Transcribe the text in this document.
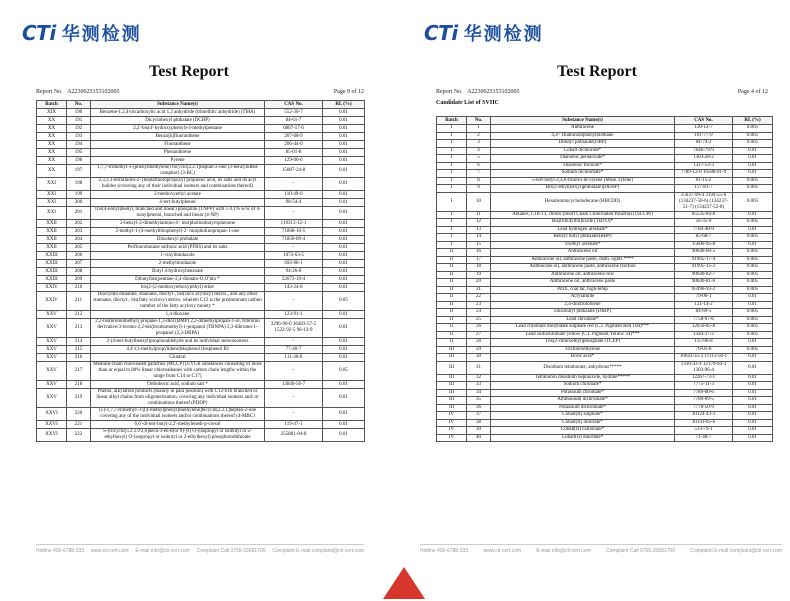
CTi 华测检测
Test Report
Report No. A2230625353102005	Page 9 of 12
Batch	No.	Substance Name(s)	CAS No.	RL (%)
XIX	190	Benzene-1,2,4-tricarboxylic acid 1,2 anhydride (trimellitic anhydride) (TMA)	552-30-7	0.01
XX	191	Dicyclohexyl phthalate (DCHP)	84-61-7	0.01
XX	192	2,2'-bis(4'-hydroxyphenyl)-4-methylpentane	6807-17-6	0.01
XX	193	Benzo[k]fluoranthene	207-08-9	0.01
XX	194	Fluoranthene	206-44-0	0.01
XX	195	Phenanthrene	85-01-8	0.01
XX	196	Pyrene	129-00-0	0.01
XX	197	1,7,7-trimethyl-3-(phenylmethylene) bicyclo[2.2.1]heptan-2-one (3-benzylidene camphor) (3-BC)	15087-24-8	0.01
XXI	198	2,3,3,3-tetrafluoro-2- (heptafluoropropoxy) propionic acid, its salts and its acyl halides (covering any of their individual isomers and combinations thereof)	-	0.01
XXI	199	2-methoxyethyl acetate	110-49-6	0.01
XXI	200	4-tert-butylphenol	98-54-4	0.01
XXI	201	Tris(4-nonylphenyl, branched and linear) phosphite (TNPP) with ≥ 0.1% w/w of 4-nonylphenol, branched and linear (4-NP)	-	0.01
XXII	202	2-benzyl-2-dimethylamino-4'- morpholinobutyrophenone	119313-12-1	0.01
XXII	203	2-methyl-1-(4-methylthiophenyl)-2- morpholinopropan-1-one	71868-10-5	0.01
XXII	204	Diisohexyl phthalate	71850-09-4	0.01
XXII	205	Perfluorobutane sulfonic acid (PFBS) and its salts	-	0.01
XXIII	206	1-vinylimidazole	1072-63-5	0.01
XXIII	207	2-methylimidazole	693-98-1	0.01
XXIII	208	Butyl 4-hydroxybenzoate	94-26-8	0.01
XXIII	209	Dibutylbis(pentane-2,4-dionato-O,O')tin *	22673-19-4	0.01
XXIV	210	bis(2-(2-methoxyethoxy)ethyl) ether	143-24-8	0.01
XXIV	211	Dioctyltin dilaurate, stannane, dioctyl-, bis(coco acyloxy) derivs., and any other stannane, dioctyl-, bis(fatty acyloxy) derivs. wherein C12 is the predominant carbon number of the fatty acyloxy moiety *	-	0.05
XXV	212	1,4-dioxane	123-91-1	0.01
XXV	213	2,2-bis(bromomethyl) propane-1,3-diol (BMP) 2,2-dimethylpropan-1-ol, tribromo derivative/3-bromo-2,2-bis(bromomethyl)-1-propanol (TBNPA) 2,3-dibromo-1-propanol (2,3-DBPA)	3296-90-0 36483-57-5 1522-92-5 96-13-9	0.01
XXV	214	2-(4-tert-butylbenzyl)propionaldehyde and its individual stereoisomers	-	0.01
XXV	215	4,4'-(1-methylpropylidene)bisphenol (bisphenol B)	77-40-7	0.01
XXV	216	Glutaral	111-30-8	0.01
XXV	217	Medium-chain chlorinated paraffins (MCCP) [UVCB substances consisting of more than or equal to 80% linear chloroalkanes with carbon chain lengths within the range from C14 to C17]	-	0.05
XXV	218	Orthoboric acid, sodium salt *	13840-56-7	0.01
XXV	219	Phenol, alkylation products (mainly in para position) with C12-rich branched or linear alkyl chains from oligomerisation, covering any individual isomers and/ or combinations thereof (PDDP)	-	0.01
XXVI	220	(±)-1,7,7-trimethyl-3-[(4-methylphenyl)methylene]bicyclo[2.2.1]heptan-2-one covering any of the individual isomers and/or combinations thereof (4-MBC)	-	0.01
XXVI	221	6,6'-di-tert-butyl-2,2'-methylenedi-p-cresol	119-47-1	0.01
XXVI	222	S-(tricyclo[5.2.1.0'2,6]deca-3-en-8(or 9)-yl) O-(isopropyl or isobutyl or 2-ethylhexyl) O-(isopropyl or isobutyl or 2-ethylhexyl) phosphorodithioate	255881-94-8	0.01
Hotline 400-6788-333 www.cti-cert.com E-mail info@cti-cert.com Complaint Call 0755-33681700 Complaint E-mail complaint@cti-cert.com
CTi 华测检测
Test Report
Report No. A2230625353102005	Page 4 of 12
Candidate List of SVHC
Batch	No.	Substance Name(s)	CAS No.	RL (%)
I	1	Anthracene	120-12-7	0.005
I	2	4,4'- Diaminodiphenylmethane	101-77-9	0.005
I	3	Dibutyl phthalate(DBP)	84-74-2	0.005
I	4	Cobalt dichloride*	7646-79-9	0.01
I	5	Diarsenic pentaoxide*	1303-28-2	0.01
I	6	Diarsenic trioxide*	1327-53-3	0.01
I	7	Sodium dichromate*	7789-12-0 10588-01-9	0.01
I	8	5-tert-butyl-2,4,6-trinitro-m-xylene (Musk xylene)	81-15-2	0.005
I	9	Bis(2-ethyl(hexyl)phthalate)(DEHP)	117-81-7	0.005
I	10	Hexabromocyclododecane (HBCDD)	25637-99-4 3194-55-6 (134237-50-6) (134237-51-7) (134237-52-8)	0.005
I	11	Alkanes, C10-13, chloro (Short Chain Chlorinated Paraffins) (SCCPs)	85535-84-8	0.01
I	12	Bis(tributyltin)oxide (TBTO)*	56-35-9	0.005
I	13	Lead hydrogen arsenate*	7784-40-9	0.01
I	14	Benzyl butyl phthalate(BBP)	85-68-7	0.005
I	15	Triethyl arsenate*	15606-95-8	0.01
II	16	Anthracene oil	90640-80-5	0.005
II	17	Anthracene oil, anthracene paste, distn. lights ****	91995-17-4	0.005
II	18	Anthracene oil, anthracene paste, anthracene fraction	91995-15-2	0.005
II	19	Anthracene oil, anthracene-low	90640-82-7	0.005
II	20	Anthracene oil, anthracene paste	90640-81-6	0.005
II	21	Pitch, coal tar, high-temp	65996-93-2	0.005
II	22	Acrylamide	79-06-1	0.01
II	23	2,4-dinitrotoluene	121-14-2	0.01
II	24	Diisobutyl phthalate (DIBP)	84-69-5	0.005
II	25	Lead chromate*	7758-97-6	0.005
II	26	Lead chromate molybdate sulphate red (C.I. Pigment Red 104)***	12656-85-8	0.005
II	27	Lead sulfochromate yellow (C.I. Pigment Yellow 34)***	1344-37-2	0.005
II	28	Tris(2-chloroethyl)phosphate (TCEP)	115-96-8	0.01
III	29	Trichloroethylene	79-01-6	0.005
III	30	Boric acid*	10043-35-3 11113-50-1	0.01
III	31	Disodium tetraborate, anhydrous*****	1330-43-4 12179-04-3 1303-96-4	0.01
III	32	Tetraboron disodium heptaoxide, hydrate*****	12267-73-1	0.01
III	33	Sodium chromate*	7775-11-3	0.01
III	34	Potassium chromate*	7789-00-6	0.01
III	35	Ammonium dichromate*	7789-09-5	0.01
III	36	Potassium dichromate*	7778-50-9	0.01
IV	37	Cobalt(II) sulphate*	10124-43-3	0.01
IV	38	Cobalt(II) dinitrate*	10141-05-6	0.01
IV	39	Cobalt(II) carbonate*	513-79-1	0.01
IV	40	Cobalt(II) diacetate*	71-48-7	0.01
Hotline 400-6788-333	www.cti-cert.com	E-mail info@cti-cert.com	Complaint Call 0755-33681700	Complaint E-mail complaint@cti-cert.com
